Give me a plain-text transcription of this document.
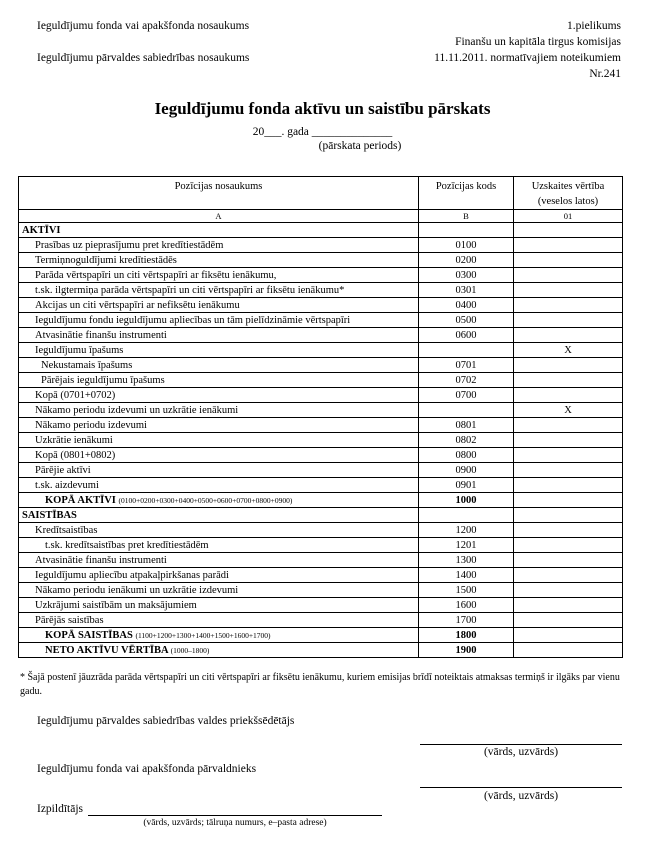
Ieguldījumu fonda vai apakšfonda nosaukums
Ieguldījumu pārvaldes sabiedrības nosaukums
1.pielikums
Finanšu un kapitāla tirgus komisijas
11.11.2011. normatīvajiem noteikumiem
Nr.241
Ieguldījumu fonda aktīvu un saistību pārskats
20___. gada ______________
(pārskata periods)
Pozīcijas nosaukums	Pozīcijas kods	Uzskaites vērtība (veselos latos)
A	B	01
AKTĪVI		
Prasības uz pieprasījumu pret kredītiestādēm	0100	
Termiņnoguldījumi kredītiestādēs	0200	
Parāda vērtspapīri un citi vērtspapīri ar fiksētu ienākumu,	0300	
t.sk. ilgtermiņa parāda vērtspapīri un citi vērtspapīri ar fiksētu ienākumu*	0301	
Akcijas un citi vērtspapīri ar nefiksētu ienākumu	0400	
Ieguldījumu fondu ieguldījumu apliecības un tām pielīdzināmie vērtspapīri	0500	
Atvasinātie finanšu instrumenti	0600	
Ieguldījumu īpašums		X
Nekustamais īpašums	0701	
Pārējais ieguldījumu īpašums	0702	
Kopā (0701+0702)	0700	
Nākamo periodu izdevumi un uzkrātie ienākumi		X
Nākamo periodu izdevumi	0801	
Uzkrātie ienākumi	0802	
Kopā (0801+0802)	0800	
Pārējie aktīvi	0900	
t.sk. aizdevumi	0901	
KOPĀ AKTĪVI (0100+0200+0300+0400+0500+0600+0700+0800+0900)	1000	
SAISTĪBAS		
Kredītsaistības	1200	
t.sk. kredītsaistības pret kredītiestādēm	1201	
Atvasinātie finanšu instrumenti	1300	
Ieguldījumu apliecību atpakaļpirkšanas parādi	1400	
Nākamo periodu ienākumi un uzkrātie izdevumi	1500	
Uzkrājumi saistībām un maksājumiem	1600	
Pārējās saistības	1700	
KOPĀ SAISTĪBAS (1100+1200+1300+1400+1500+1600+1700)	1800	
NETO AKTĪVU VĒRTĪBA (1000–1800)	1900	
* Šajā postenī jāuzrāda parāda vērtspapīri un citi vērtspapīri ar fiksētu ienākumu, kuriem emisijas brīdī noteiktais atmaksas termiņš ir ilgāks par vienu gadu.
Ieguldījumu pārvaldes sabiedrības valdes priekšsēdētājs
(vārds, uzvārds)
Ieguldījumu fonda vai apakšfonda pārvaldnieks
(vārds, uzvārds)
Izpildītājs
(vārds, uzvārds; tālruņa numurs, e–pasta adrese)
